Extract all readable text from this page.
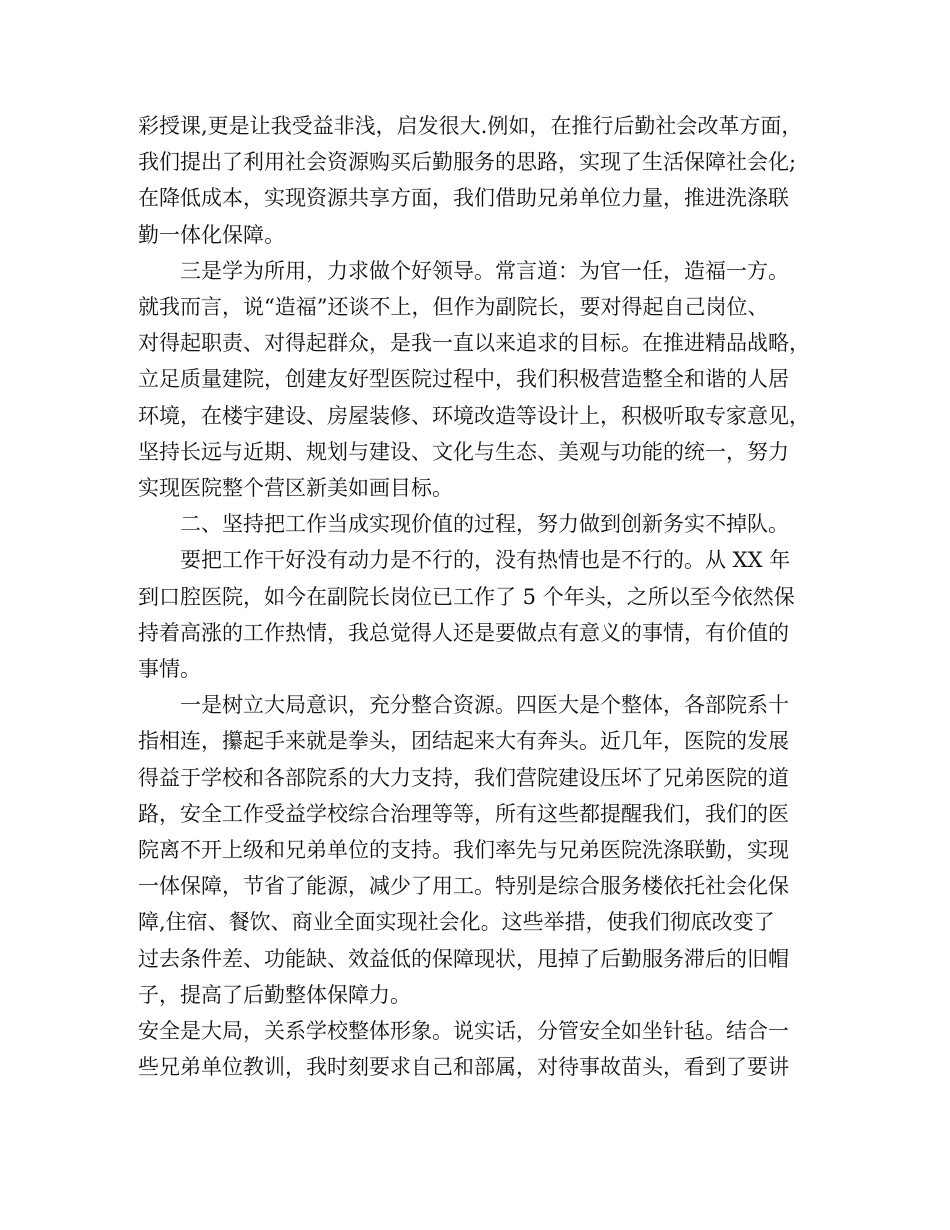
彩授课,更是让我受益非浅，启发很大.例如，在推行后勤社会改革方面，
我们提出了利用社会资源购买后勤服务的思路，实现了生活保障社会化;
在降低成本，实现资源共享方面，我们借助兄弟单位力量，推进洗涤联
勤一体化保障。
三是学为所用，力求做个好领导。常言道：为官一任，造福一方。
就我而言，说“造福”还谈不上，但作为副院长，要对得起自己岗位、
对得起职责、对得起群众，是我一直以来追求的目标。在推进精品战略，
立足质量建院，创建友好型医院过程中，我们积极营造整全和谐的人居
环境，在楼宇建设、房屋装修、环境改造等设计上，积极听取专家意见，
坚持长远与近期、规划与建设、文化与生态、美观与功能的统一，努力
实现医院整个营区新美如画目标。
二、坚持把工作当成实现价值的过程，努力做到创新务实不掉队。
要把工作干好没有动力是不行的，没有热情也是不行的。从 XX 年
到口腔医院，如今在副院长岗位已工作了 5 个年头，之所以至今依然保
持着高涨的工作热情，我总觉得人还是要做点有意义的事情，有价值的
事情。
一是树立大局意识，充分整合资源。四医大是个整体，各部院系十
指相连，攥起手来就是拳头，团结起来大有奔头。近几年，医院的发展
得益于学校和各部院系的大力支持，我们营院建设压坏了兄弟医院的道
路，安全工作受益学校综合治理等等，所有这些都提醒我们，我们的医
院离不开上级和兄弟单位的支持。我们率先与兄弟医院洗涤联勤，实现
一体保障，节省了能源，减少了用工。特别是综合服务楼依托社会化保
障,住宿、餐饮、商业全面实现社会化。这些举措，使我们彻底改变了
过去条件差、功能缺、效益低的保障现状，甩掉了后勤服务滞后的旧帽
子，提高了后勤整体保障力。
安全是大局，关系学校整体形象。说实话，分管安全如坐针毡。结合一
些兄弟单位教训，我时刻要求自己和部属，对待事故苗头，看到了要讲
